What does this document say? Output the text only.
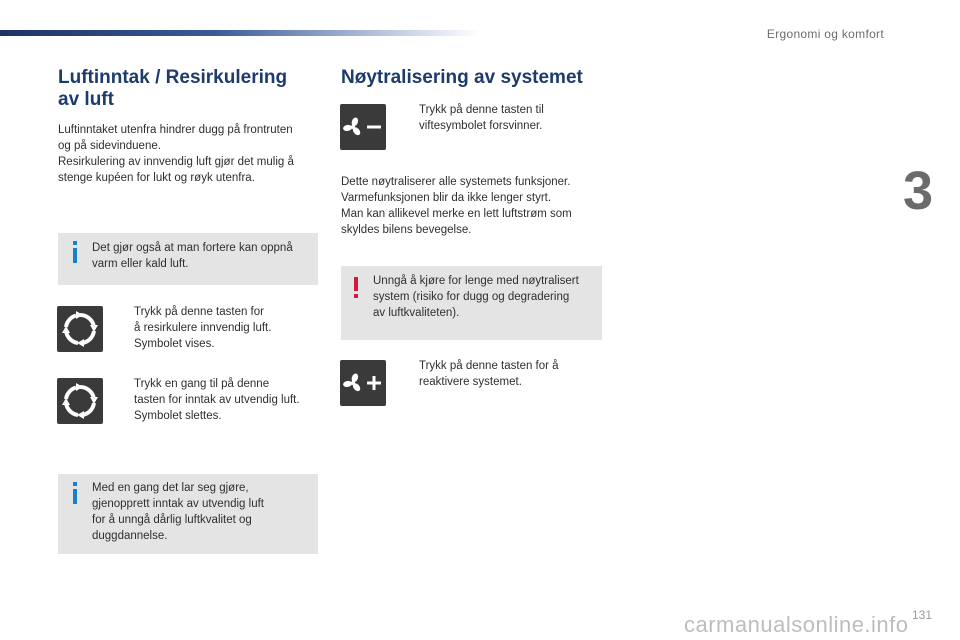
Ergonomi og komfort
3
131
Luftinntak / Resirkulering
av luft
Luftinntaket utenfra hindrer dugg på frontruten
og på sidevinduene.
Resirkulering av innvendig luft gjør det mulig å
stenge kupéen for lukt og røyk utenfra.
Det gjør også at man fortere kan oppnå
varm eller kald luft.
Trykk på denne tasten for
å resirkulere innvendig luft.
Symbolet vises.
Trykk en gang til på denne
tasten for inntak av utvendig luft.
Symbolet slettes.
Med en gang det lar seg gjøre,
gjenopprett inntak av utvendig luft
for å unngå dårlig luftkvalitet og
duggdannelse.
Nøytralisering av systemet
Trykk på denne tasten til
viftesymbolet forsvinner.
Dette nøytraliserer alle systemets funksjoner.
Varmefunksjonen blir da ikke lenger styrt.
Man kan allikevel merke en lett luftstrøm som
skyldes bilens bevegelse.
Unngå å kjøre for lenge med nøytralisert
system (risiko for dugg og degradering
av luftkvaliteten).
Trykk på denne tasten for å
reaktivere systemet.
carmanualsonline.info
